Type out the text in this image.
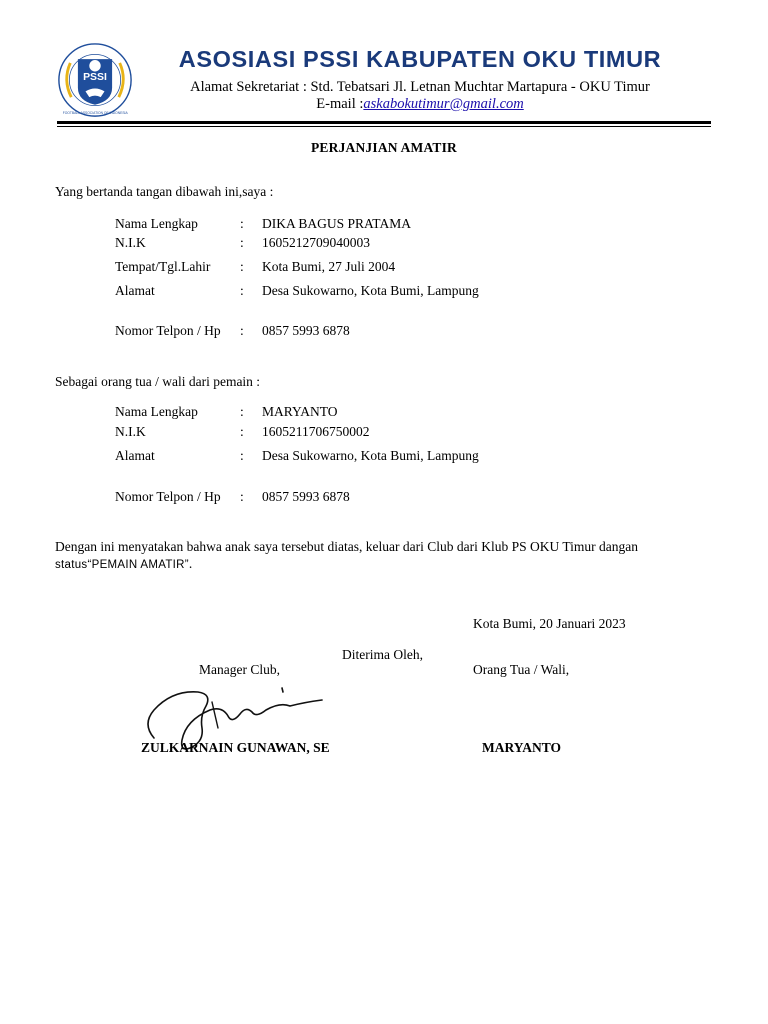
PSSI
FOOTBALL ASSOCIATION OF INDONESIA
ASOSIASI PSSI KABUPATEN OKU TIMUR
Alamat Sekretariat : Std. Tebatsari Jl. Letnan Muchtar Martapura - OKU Timur
E-mail :askabokutimur@gmail.com
PERJANJIAN AMATIR
Yang bertanda tangan dibawah ini,saya :
Nama Lengkap	: DIKA BAGUS PRATAMA
N.I.K	: 1605212709040003
Tempat/Tgl.Lahir : Kota Bumi, 27 Juli 2004
Alamat	: Desa Sukowarno, Kota Bumi, Lampung
Nomor Telpon / Hp : 0857 5993 6878
Sebagai orang tua / wali dari pemain :
Nama Lengkap	: MARYANTO
N.I.K	: 1605211706750002
Alamat	: Desa Sukowarno, Kota Bumi, Lampung
Nomor Telpon / Hp : 0857 5993 6878
Dengan ini menyatakan bahwa anak saya tersebut diatas, keluar dari Club dari Klub PS OKU Timur dangan
status“PEMAIN AMATIR”.
Kota Bumi, 20 Januari 2023
Diterima Oleh,
Manager Club,	Orang Tua / Wali,
ZULKARNAIN GUNAWAN, SE	MARYANTO
